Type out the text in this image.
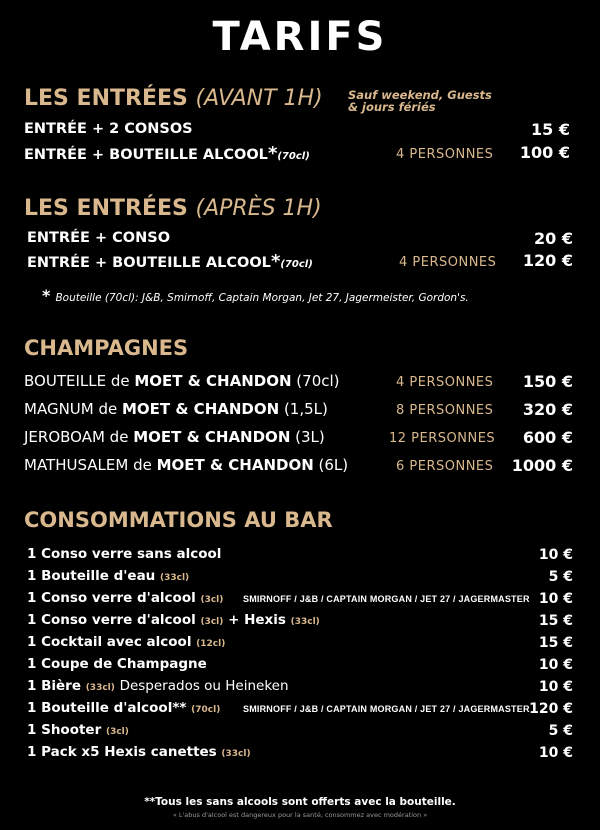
TARIFS
LES ENTRÉES (AVANT 1H) Sauf weekend, Guests
& jours fériés
ENTRÉE + 2 CONSOS	15 €
ENTRÉE + BOUTEILLE ALCOOL*(70cl)	4 PERSONNES 100 €
LES ENTRÉES (APRÈS 1H)
ENTRÉE + CONSO	20 €
ENTRÉE + BOUTEILLE ALCOOL*(70cl)	4 PERSONNES 120 €
* Bouteille (70cl): J&B, Smirnoff, Captain Morgan, Jet 27, Jagermeister, Gordon's.
CHAMPAGNES
BOUTEILLE de MOET & CHANDON (70cl)	4 PERSONNES 150 €
MAGNUM de MOET & CHANDON (1,5L)	8 PERSONNES 320 €
JEROBOAM de MOET & CHANDON (3L)	12 PERSONNES 600 €
MATHUSALEM de MOET & CHANDON (6L)	6 PERSONNES 1000 €
CONSOMMATIONS AU BAR
1 Conso verre sans alcool	10 €
1 Bouteille d'eau (33cl)	5 €
1 Conso verre d'alcool (3cl) SMIRNOFF / J&B / CAPTAIN MORGAN / JET 27 / JAGERMASTER 10 €
1 Conso verre d'alcool (3cl) + Hexis (33cl)	15 €
1 Cocktail avec alcool (12cl)	15 €
1 Coupe de Champagne	10 €
1 Bière (33cl) Desperados ou Heineken	10 €
1 Bouteille d'alcool** (70cl)	SMIRNOFF / J&B / CAPTAIN MORGAN / JET 27 / JAGERMASTER 120 €
1 Shooter (3cl)	5 €
1 Pack x5 Hexis canettes (33cl)	10 €
**Tous les sans alcools sont offerts avec la bouteille.
« L'abus d'alcool est dangereux pour la santé, consommez avec modération »
